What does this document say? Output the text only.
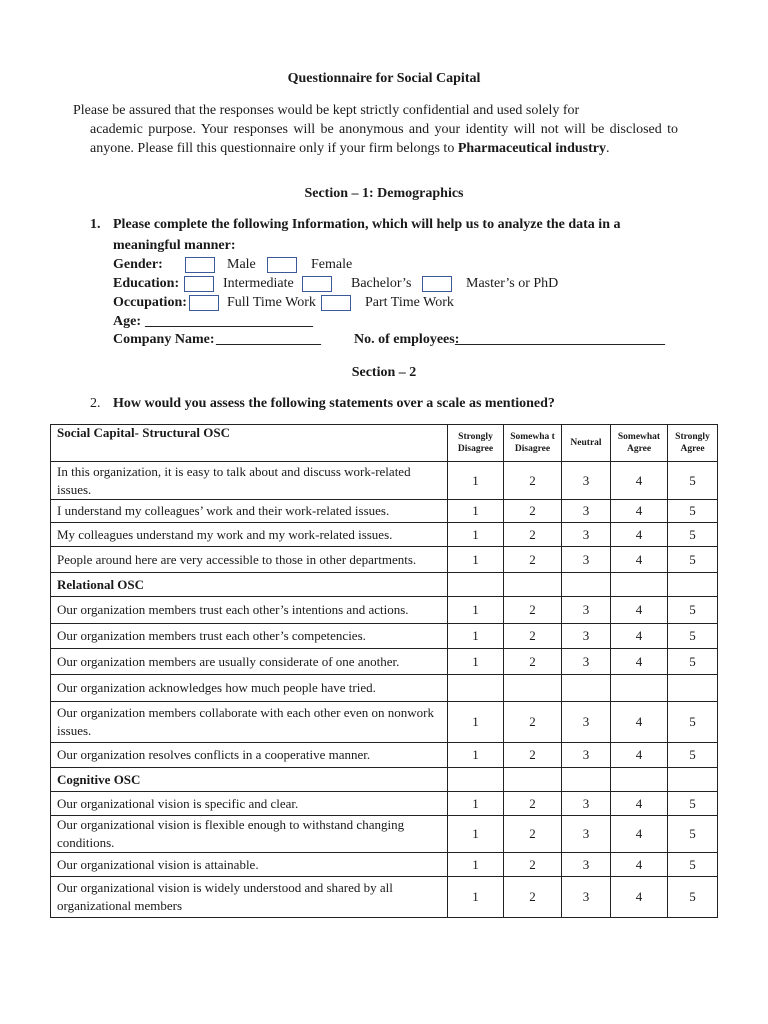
Questionnaire for Social Capital
Please be assured that the responses would be kept strictly confidential and used solely for
academic purpose. Your responses will be anonymous and your identity will not will be disclosed to anyone. Please fill this questionnaire only if your firm belongs to Pharmaceutical industry.
Section – 1: Demographics
1. Please complete the following Information, which will help us to analyze the data in a
meaningful manner:
Gender:	Male	Female
Education:	Intermediate	Bachelor’s	Master’s or PhD
Occupation:	Full Time Work	Part Time Work
Age: ________________________
Company Name: _______________ No. of employees:
______________________________
Section – 2
2. How would you assess the following statements over a scale as mentioned?
Social Capital- Structural OSC	Strongly Disagree	Somewha t Disagree	Neutral	Somewhat Agree	Strongly Agree
In this organization, it is easy to talk about and discuss work-related issues.	1	2	3	4	5
I understand my colleagues’ work and their work-related issues.	1	2	3	4	5
My colleagues understand my work and my work-related issues.	1	2	3	4	5
People around here are very accessible to those in other departments.	1	2	3	4	5
Relational OSC					
Our organization members trust each other’s intentions and actions.	1	2	3	4	5
Our organization members trust each other’s competencies.	1	2	3	4	5
Our organization members are usually considerate of one another.	1	2	3	4	5
Our organization acknowledges how much people have tried.					
Our organization members collaborate with each other even on nonwork issues.	1	2	3	4	5
Our organization resolves conflicts in a cooperative manner.	1	2	3	4	5
Cognitive OSC					
Our organizational vision is specific and clear.	1	2	3	4	5
Our organizational vision is flexible enough to withstand changing conditions.	1	2	3	4	5
Our organizational vision is attainable.	1	2	3	4	5
Our organizational vision is widely understood and shared by all organizational members	1	2	3	4	5
